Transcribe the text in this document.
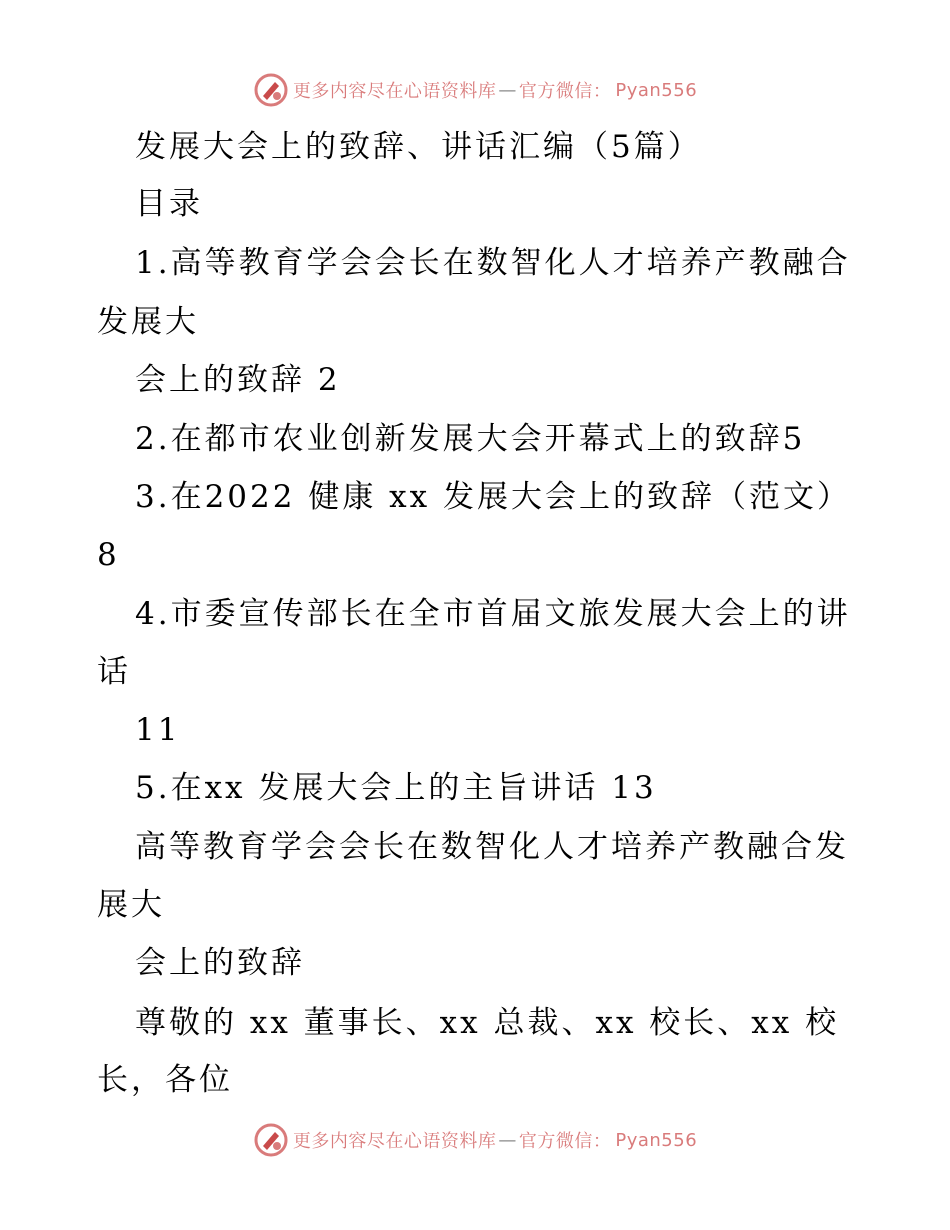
更多内容尽在心语资料库 — 官方微信： Pyan556
发展大会上的致辞、讲话汇编（5篇）
目录
1.高等教育学会会长在数智化人才培养产教融合
发展大
会上的致辞 2
2.在都市农业创新发展大会开幕式上的致辞5
3.在2022 健康 xx 发展大会上的致辞（范文）
8
4.市委宣传部长在全市首届文旅发展大会上的讲
话
11
5.在xx 发展大会上的主旨讲话 13
高等教育学会会长在数智化人才培养产教融合发
展大
会上的致辞
尊敬的 xx 董事长、xx 总裁、xx 校长、xx 校
长，各位
更多内容尽在心语资料库 — 官方微信： Pyan556
